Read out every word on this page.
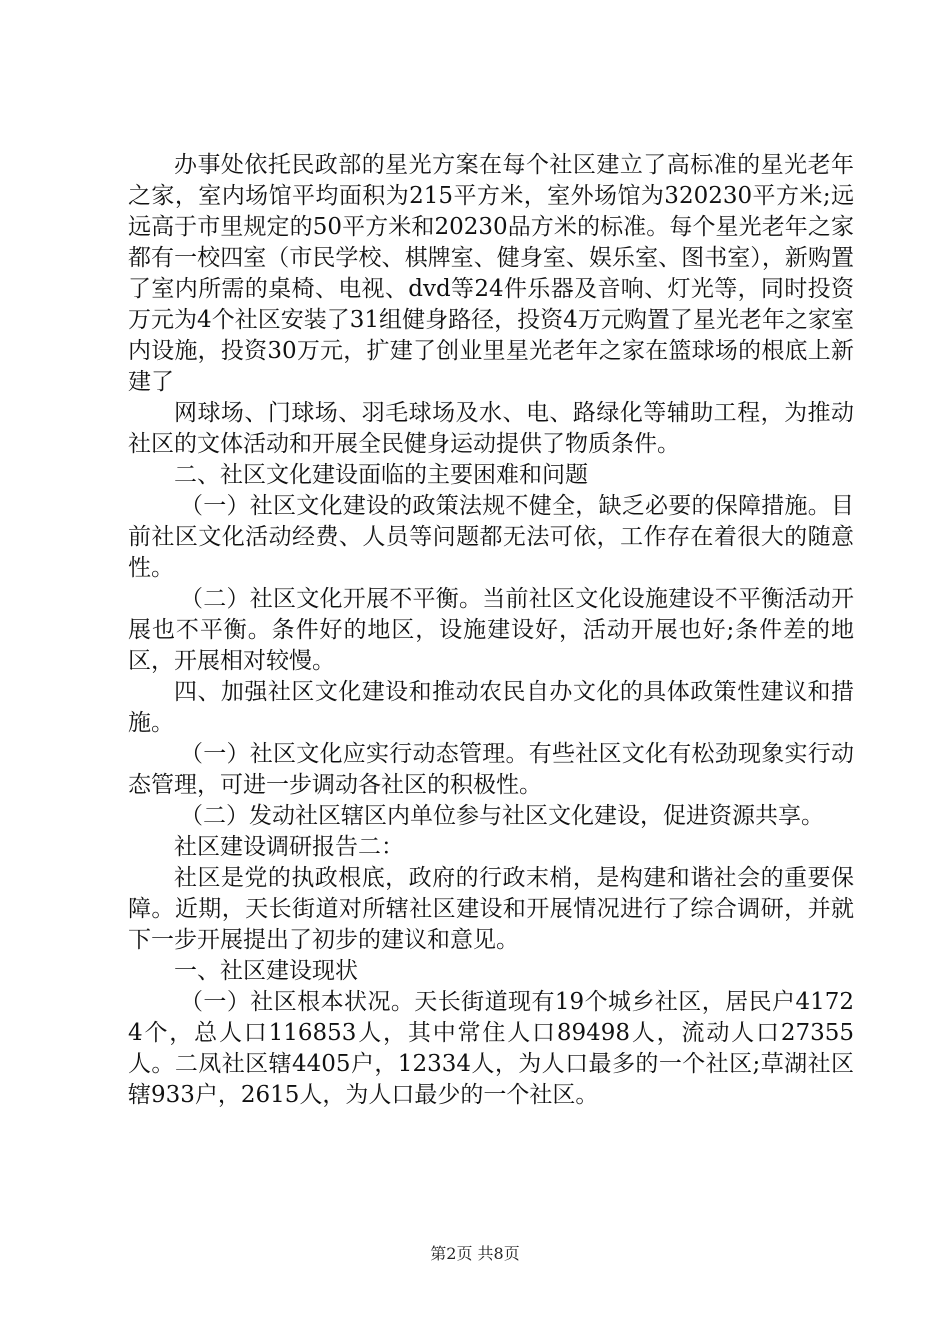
办事处依托民政部的星光方案在每个社区建立了高标准的星光老年之家，室内场馆平均面积为215平方米，室外场馆为320230平方米;远远高于市里规定的50平方米和20230品方米的标准。每个星光老年之家都有一校四室（市民学校、棋牌室、健身室、娱乐室、图书室），新购置了室内所需的桌椅、电视、dvd等24件乐器及音响、灯光等，同时投资万元为4个社区安装了31组健身路径，投资4万元购置了星光老年之家室内设施，投资30万元，扩建了创业里星光老年之家在篮球场的根底上新建了

网球场、门球场、羽毛球场及水、电、路绿化等辅助工程，为推动社区的文体活动和开展全民健身运动提供了物质条件。

二、社区文化建设面临的主要困难和问题

（一）社区文化建设的政策法规不健全，缺乏必要的保障措施。目前社区文化活动经费、人员等问题都无法可依，工作存在着很大的随意性。

（二）社区文化开展不平衡。当前社区文化设施建设不平衡活动开展也不平衡。条件好的地区，设施建设好，活动开展也好;条件差的地区，开展相对较慢。

四、加强社区文化建设和推动农民自办文化的具体政策性建议和措施。

（一）社区文化应实行动态管理。有些社区文化有松劲现象实行动态管理，可进一步调动各社区的积极性。

（二）发动社区辖区内单位参与社区文化建设，促进资源共享。

社区建设调研报告二：

社区是党的执政根底，政府的行政末梢，是构建和谐社会的重要保障。近期，天长街道对所辖社区建设和开展情况进行了综合调研，并就下一步开展提出了初步的建议和意见。

一、社区建设现状

（一）社区根本状况。天长街道现有19个城乡社区，居民户41724个，总人口116853人，其中常住人口89498人，流动人口27355人。二凤社区辖4405户，12334人，为人口最多的一个社区;草湖社区辖933户，2615人，为人口最少的一个社区。

第2页 共8页
